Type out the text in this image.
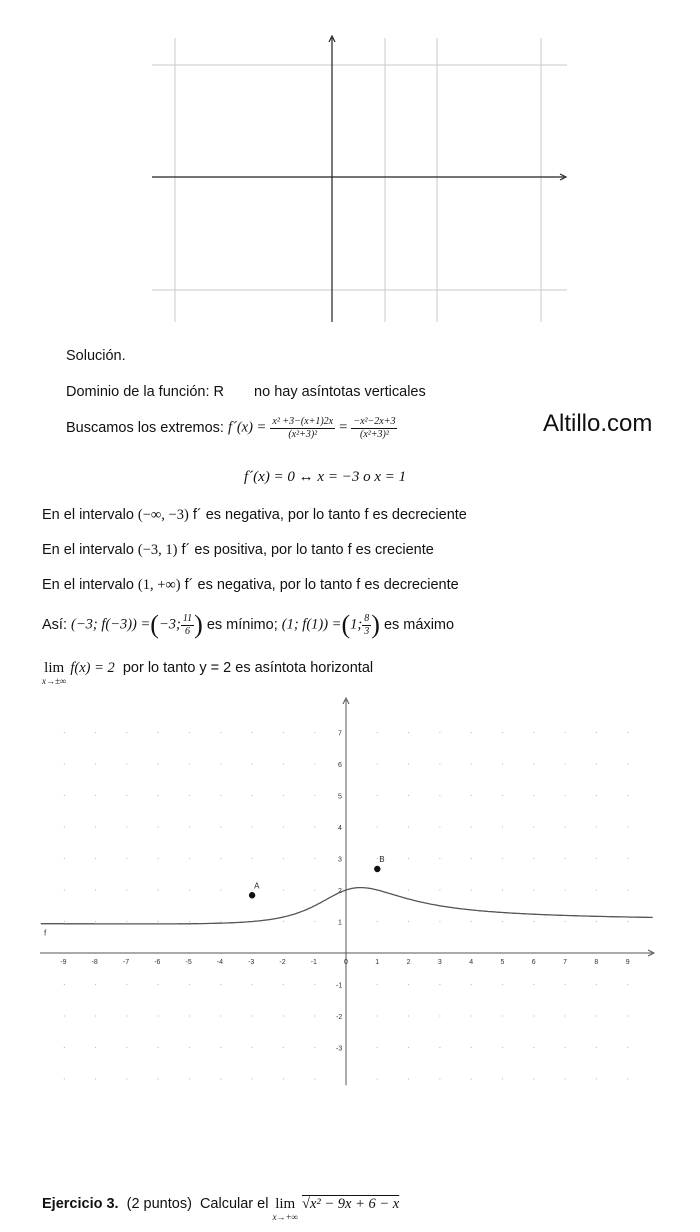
Solución.
Dominio de la función: R no hay asíntotas verticales
Buscamos los extremos: f´(x) = $\frac{\text{x² +3−(x+1)2x}}{\text{(x²+3)²}} = \frac{\text{−x²−2x+3}}{\text{(x²+3)²}}$	Altillo.com
f´(x) = 0 ↔ x = −3 o x = 1
En el intervalo (−∞, −3) f´ es negativa, por lo tanto f es decreciente
En el intervalo (−3, 1) f´ es positiva, por lo tanto f es creciente
En el intervalo (1, +∞) f´ es negativa, por lo tanto f es decreciente
Así: (−3; f(−3)) =(−3; $\frac{11}{6}$ ) es mínimo; (1; f(1)) =(1; $\frac{8}{3}$ ) es máximo
lim
x→±∞
f(x) = 2 por lo tanto y = 2 es asíntota horizontal
-9	-8	-7	-6	-5	-4	-3	-2	-1	0	1	2	3	4	5	6	7	8	9
-3
-2
-1
1
2
3
4
5
6
7
f
A
B
Ejercicio 3. (2 puntos) Calcular el lim
x→+∞
√x² − 9x + 6 − x
